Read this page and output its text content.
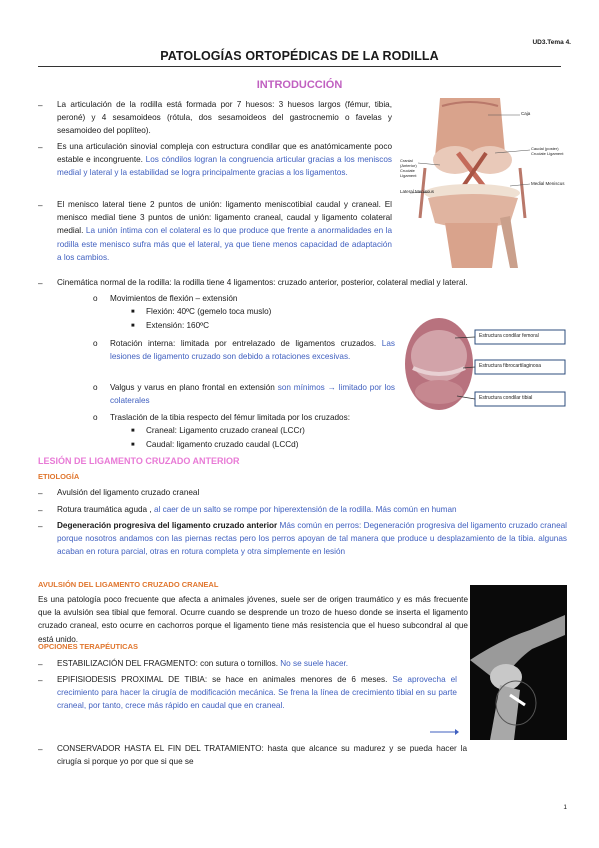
UD3.Tema 4.
PATOLOGÍAS ORTOPÉDICAS DE LA RODILLA
INTRODUCCIÓN
– La articulación de la rodilla está formada por 7 huesos: 3 huesos largos (fémur, tibia, peroné) y 4 sesamoideos (rótula, dos sesamoideos del gastrocnemio o favelas y sesamoideo del poplíteo).
– Es una articulación sinovial compleja con estructura condilar que es anatómicamente poco estable e incongruente. Los cóndilos logran la congruencia articular gracias a los meniscos medial y lateral y la estabilidad se logra principalmente gracias a los ligamentos.
– El menisco lateral tiene 2 puntos de unión: ligamento meniscotibial caudal y craneal. El menisco medial tiene 3 puntos de unión: ligamento craneal, caudal y ligamento colateral medial. La unión íntima con el colateral es lo que produce que frente a anormalidades en la rodilla este menisco sufra más que el lateral, ya que tiene menos capacidad de adaptación a los cambios.
– Cinemática normal de la rodilla: la rodilla tiene 4 ligamentos: cruzado anterior, posterior, colateral medial y lateral.
o Movimientos de flexión – extensión
■ Flexión: 40ºC (gemelo toca muslo)
■ Extensión: 160ºC
o Rotación interna: limitada por entrelazado de ligamentos cruzados. Las lesiones de ligamento cruzado son debido a rotaciones excesivas.
o Valgus y varus en plano frontal en extensión son mínimos → limitado por los colaterales
o Traslación de la tibia respecto del fémur limitada por los cruzados:
■ Craneal: Ligamento cruzado craneal (LCCr)
■ Caudal: ligamento cruzado caudal (LCCd)
Caja
Caudal (poster) Cruciate Ligament
Cranial (Anterior) Cruciate Ligament
Medial Meniscus
Lateral Meniscus
Estructura condilar femoral
Estructura fibrocartilaginosa
Estructura condilar tibial
LESIÓN DE LIGAMENTO CRUZADO ANTERIOR
ETIOLOGÍA
– Avulsión del ligamento cruzado craneal
– Rotura traumática aguda , al caer de un salto se rompe por hiperextensión de la rodilla. Más común en human
– Degeneración progresiva del ligamento cruzado anterior Más común en perros: Degeneración progresiva del ligamento cruzado craneal porque nosotros andamos con las piernas rectas pero los perros apoyan de tal manera que produce u desplazamiento de la tibia. algunas acaban en rotura parcial, otras en rotura completa y otra simplemente en lesión
AVULSIÓN DEL LIGAMENTO CRUZADO CRANEAL
Es una patología poco frecuente que afecta a animales jóvenes, suele ser de origen traumático y es más frecuente que la avulsión sea tibial que femoral. Ocurre cuando se desprende un trozo de hueso donde se inserta el ligamento cruzado craneal, esto ocurre en cachorros porque el ligamento tiene más resistencia que el hueso subcondral al que está unido.
OPCIONES TERAPÉUTICAS
– ESTABILIZACIÓN DEL FRAGMENTO: con sutura o tornillos. No se suele hacer.
– EPIFISIODESIS PROXIMAL DE TIBIA: se hace en animales menores de 6 meses. Se aprovecha el crecimiento para hacer la cirugía de modificación mecánica. Se frena la línea de crecimiento tibial en su parte craneal, por tanto, crece más rápido en caudal que en craneal.
– CONSERVADOR HASTA EL FIN DEL TRATAMIENTO: hasta que alcance su madurez y se pueda hacer la cirugía si porque yo por que si que se
1
